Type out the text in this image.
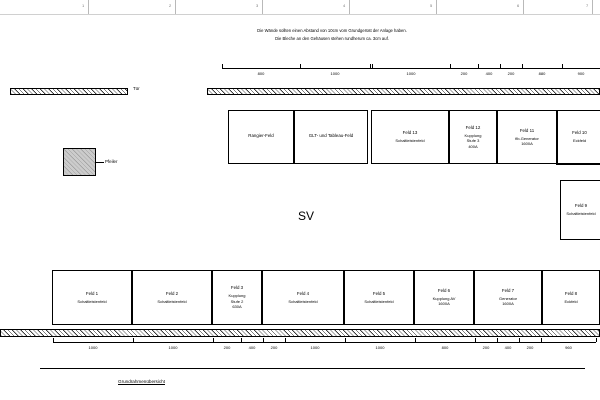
1	2	3	4	5	6	7
Die Wände sollten einen Abstand von 10cm vom Grundgerüst der Anlage haben.
Die Bleche an den Gehäusen stehen rundherum ca. 3cm auf.
800	1000	1000	200	400	200	880	900
Tür
Pfeiler
SV
Rangier-Feld	GLT- und Tableau-Feld
Feld 13
Schaltleistenfeld
Feld 12
Kupplung
Stufe 3
400A
Feld 11
fib-Generator
1600A
Feld 10
Eckfeld
Feld 9
Schaltleistenfeld
Feld 1
Schaltleistenfeld
Feld 2
Schaltleistenfeld
Feld 3
Kupplung
Stufe 2
630A
Feld 4
Schaltleistenfeld
Feld 5
Schaltleistenfeld
Feld 6
Kupplung AV
1600A
Feld 7
Generator
1600A
Feld 8
Eckfeld
1000	1000	200	400	200	1000	1000	800	200	400	200	960
Grundrahmenübersicht
